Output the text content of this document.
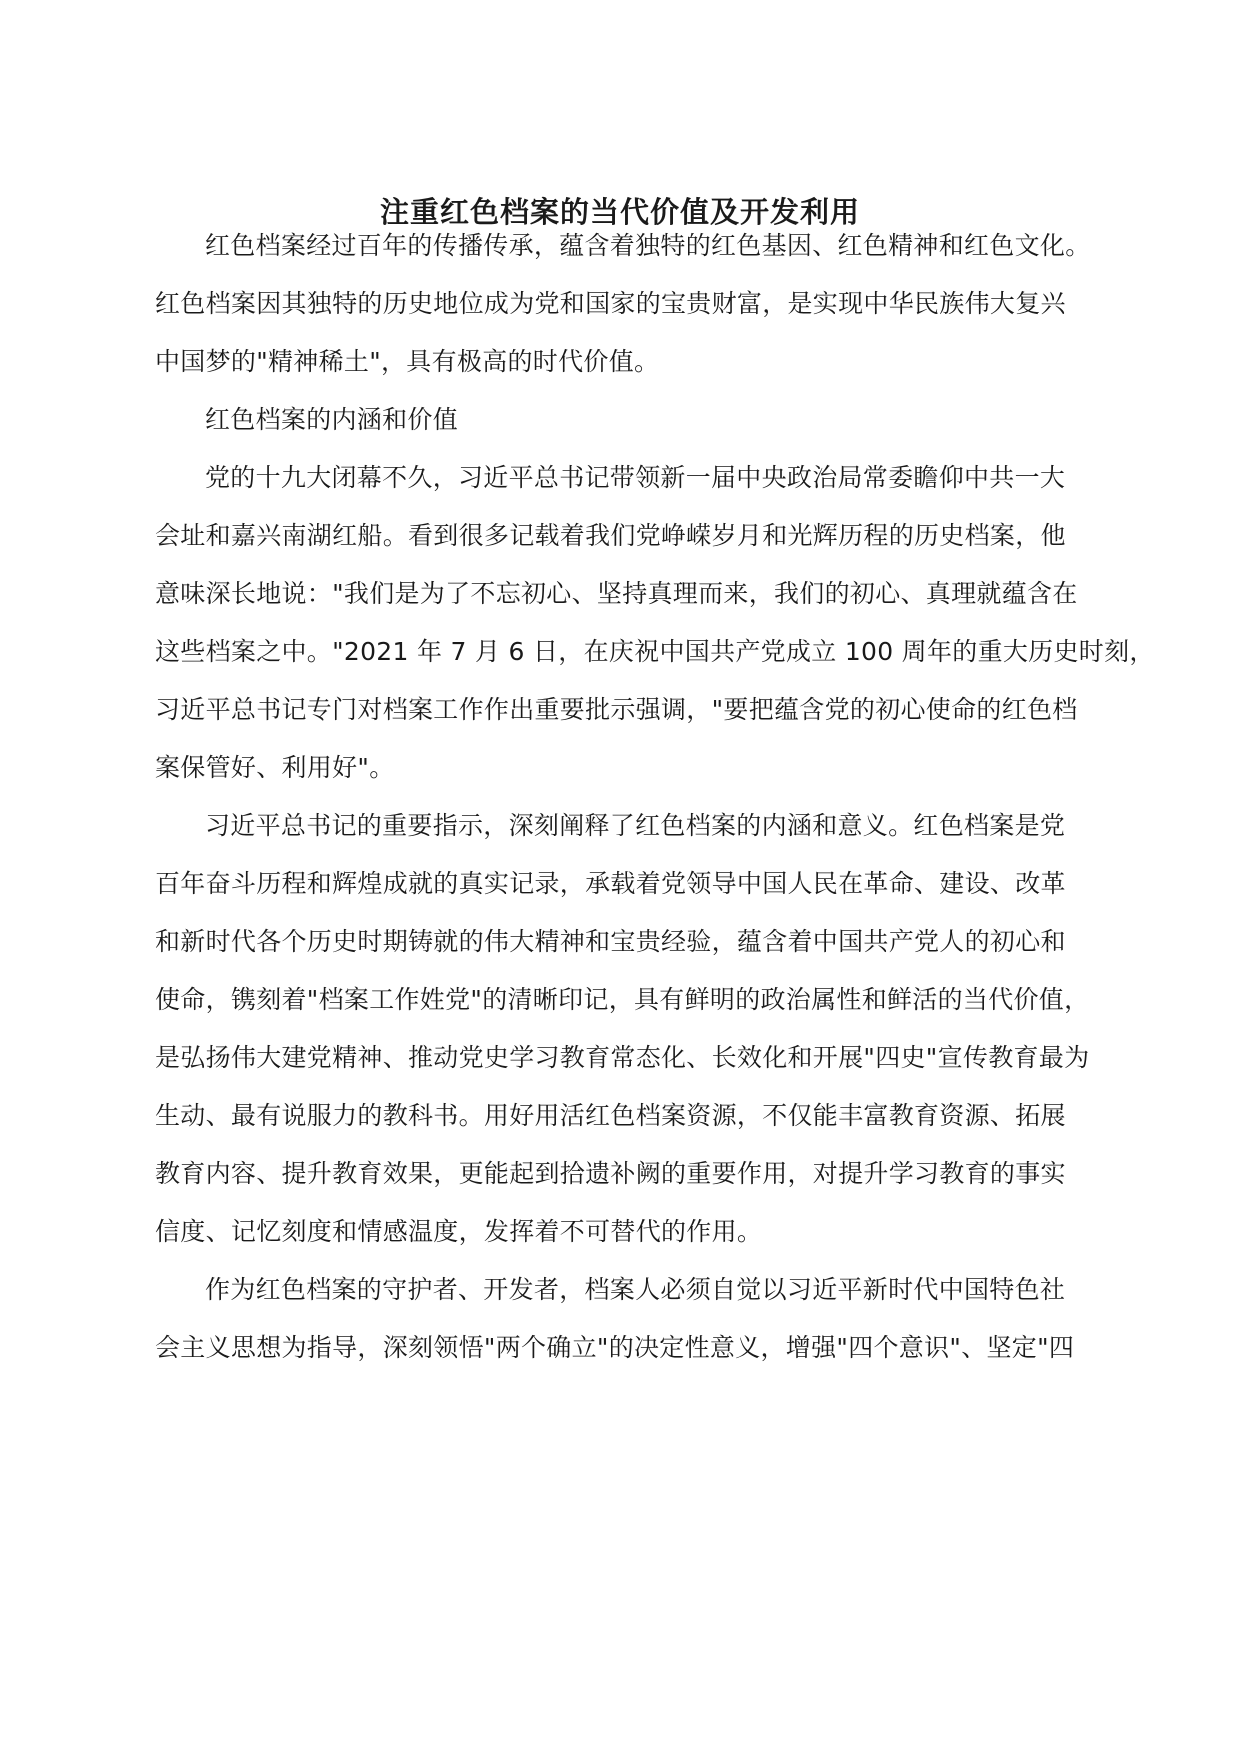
注重红色档案的当代价值及开发利用

红色档案经过百年的传播传承，蕴含着独特的红色基因、红色精神和红色文化。

红色档案因其独特的历史地位成为党和国家的宝贵财富，是实现中华民族伟大复兴

中国梦的"精神稀土"，具有极高的时代价值。

红色档案的内涵和价值

党的十九大闭幕不久，习近平总书记带领新一届中央政治局常委瞻仰中共一大

会址和嘉兴南湖红船。看到很多记载着我们党峥嵘岁月和光辉历程的历史档案，他

意味深长地说："我们是为了不忘初心、坚持真理而来，我们的初心、真理就蕴含在

这些档案之中。"2021 年 7 月 6 日，在庆祝中国共产党成立 100 周年的重大历史时刻，

习近平总书记专门对档案工作作出重要批示强调，"要把蕴含党的初心使命的红色档

案保管好、利用好"。

习近平总书记的重要指示，深刻阐释了红色档案的内涵和意义。红色档案是党

百年奋斗历程和辉煌成就的真实记录，承载着党领导中国人民在革命、建设、改革

和新时代各个历史时期铸就的伟大精神和宝贵经验，蕴含着中国共产党人的初心和

使命，镌刻着"档案工作姓党"的清晰印记，具有鲜明的政治属性和鲜活的当代价值，

是弘扬伟大建党精神、推动党史学习教育常态化、长效化和开展"四史"宣传教育最为

生动、最有说服力的教科书。用好用活红色档案资源，不仅能丰富教育资源、拓展

教育内容、提升教育效果，更能起到拾遗补阙的重要作用，对提升学习教育的事实

信度、记忆刻度和情感温度，发挥着不可替代的作用。

作为红色档案的守护者、开发者，档案人必须自觉以习近平新时代中国特色社

会主义思想为指导，深刻领悟"两个确立"的决定性意义，增强"四个意识"、坚定"四
